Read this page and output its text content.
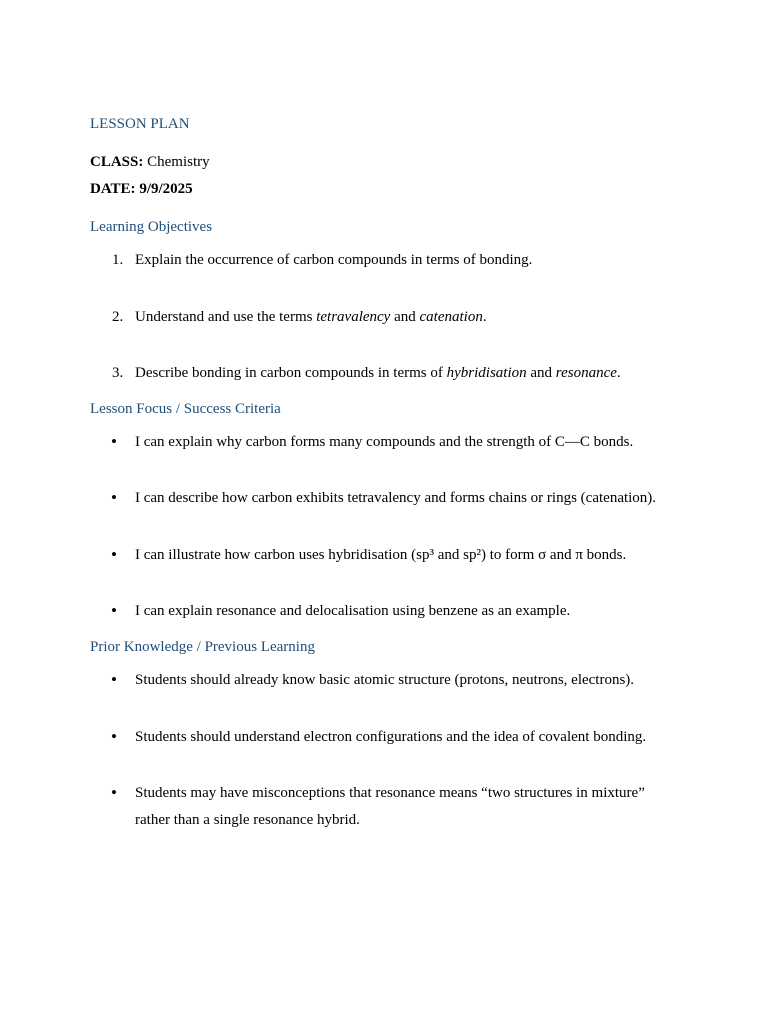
LESSON PLAN
CLASS: Chemistry
DATE: 9/9/2025
Learning Objectives
1. Explain the occurrence of carbon compounds in terms of bonding.
2. Understand and use the terms tetravalency and catenation.
3. Describe bonding in carbon compounds in terms of hybridisation and resonance.
Lesson Focus / Success Criteria
•	I can explain why carbon forms many compounds and the strength of C—C bonds.
•	I can describe how carbon exhibits tetravalency and forms chains or rings (catenation).
•	I can illustrate how carbon uses hybridisation (sp³ and sp²) to form σ and π bonds.
•	I can explain resonance and delocalisation using benzene as an example.
Prior Knowledge / Previous Learning
•	Students should already know basic atomic structure (protons, neutrons, electrons).
•	Students should understand electron configurations and the idea of covalent bonding.
•	Students may have misconceptions that resonance means “two structures in mixture” rather than a single resonance hybrid.
